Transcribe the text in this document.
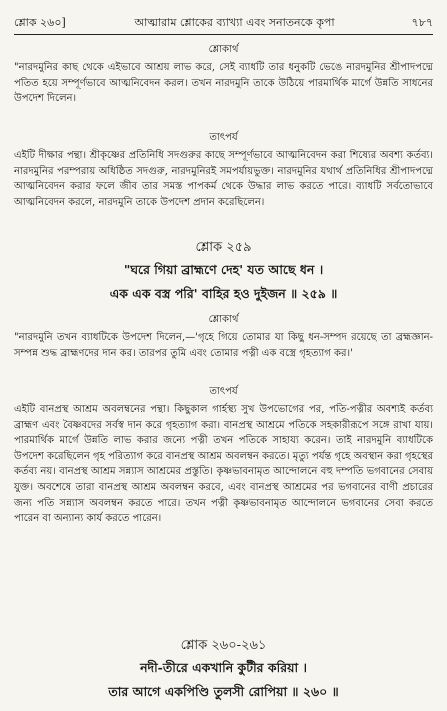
শ্লোক ২৬০]	আত্মারাম শ্লোকের ব্যাখ্যা এবং সনাতনকে কৃপা	৭৮৭
শ্লোকার্থ
"নারদমুনির কাছ থেকে এইভাবে আশ্রয় লাভ করে, সেই ব্যাধটি তার ধনুকটি ভেঙে নারদমুনির শ্রীপাদপদ্মে পতিত হয়ে সম্পূর্ণভাবে আত্মনিবেদন করল। তখন নারদমুনি তাকে উঠিয়ে পারমার্থিক মার্গে উন্নতি সাধনের উপদেশ দিলেন।
তাৎপর্য
এইটি দীক্ষার পন্থা। শ্রীকৃষ্ণের প্রতিনিধি সদগুরুর কাছে সম্পূর্ণভাবে আত্মনিবেদন করা শিষ্যের অবশ্য কর্তব্য। নারদমুনির পরম্পরায় অধিষ্ঠিত সদগুরু, নারদমুনিরই সমপর্যায়ভুক্ত। নারদমুনির যথার্থ প্রতিনিধির শ্রীপাদপদ্মে আত্মনিবেদন করার ফলে জীব তার সমস্ত পাপকর্ম থেকে উদ্ধার লাভ করতে পারে। ব্যাধটি সর্বতোভাবে আত্মনিবেদন করলে, নারদমুনি তাকে উপদেশ প্রদান করেছিলেন।
শ্লোক ২৫৯
"ঘরে গিয়া ব্রাহ্মণে দেহ' যত আছে ধন ।
এক এক বস্ত্র পরি' বাহির হও দুইজন ॥ ২৫৯ ॥
শ্লোকার্থ
"নারদমুনি তখন ব্যাধটিকে উপদেশ দিলেন,—'গৃহে গিয়ে তোমার যা কিছু ধন-সম্পদ রয়েছে তা ব্রহ্মজ্ঞান-সম্পন্ন শুদ্ধ ব্রাহ্মণদের দান কর। তারপর তুমি এবং তোমার পত্নী এক বস্ত্রে গৃহত্যাগ কর।'
তাৎপর্য
এইটি বানপ্রস্থ আশ্রম অবলম্বনের পন্থা। কিছুকাল গার্হস্থ্য সুখ উপভোগের পর, পতি-পত্নীর অবশ্যই কর্তব্য ব্রাহ্মণ এবং বৈষ্ণবদের সর্বস্ব দান করে গৃহত্যাগ করা। বানপ্রস্থ আশ্রমে পতিকে সহকারীরূপে সঙ্গে রাখা যায়। পারমার্থিক মার্গে উন্নতি লাভ করার জন্যে পত্নী তখন পতিকে সাহায্য করেন। তাই নারদমুনি ব্যাধটিকে উপদেশ করেছিলেন গৃহ পরিত্যাগ করে বানপ্রস্থ আশ্রম অবলম্বন করতে। মৃত্যু পর্যন্ত গৃহে অবস্থান করা গৃহস্থের কর্তব্য নয়। বানপ্রস্থ আশ্রম সন্ন্যাস আশ্রমের প্রস্তুতি। কৃষ্ণভাবনামৃত আন্দোলনে বহু দম্পতি ভগবানের সেবায় যুক্ত। অবশেষে তারা বানপ্রস্থ আশ্রম অবলম্বন করবে, এবং বানপ্রস্থ আশ্রমের পর ভগবানের বাণী প্রচারের জন্য পতি সন্ন্যাস অবলম্বন করতে পারে। তখন পত্নী কৃষ্ণভাবনামৃত আন্দোলনে ভগবানের সেবা করতে পারেন বা অন্যান্য কার্য করতে পারেন।
শ্লোক ২৬০-২৬১
নদী-তীরে একখানি কুটীর করিয়া ।
তার আগে একপিণ্ডি তুলসী রোপিয়া ॥ ২৬০ ॥
